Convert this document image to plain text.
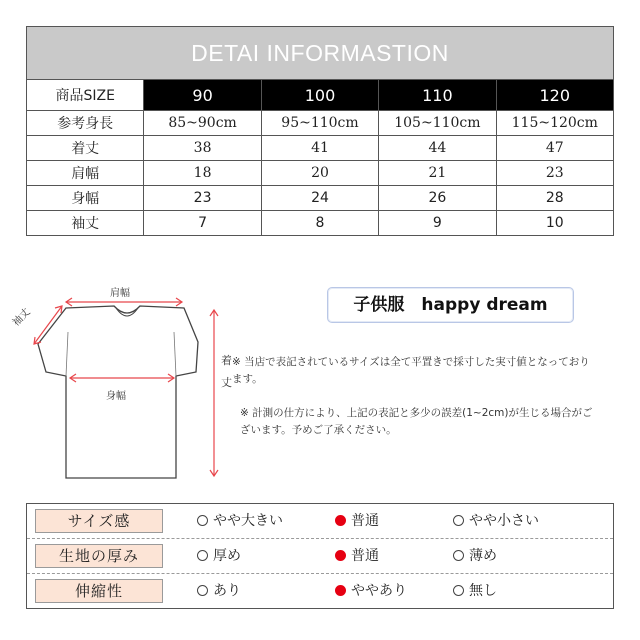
DETAI INFORMASTION				
商品SIZE	90	100	110	120
参考身長	85~90cm	95~110cm	105~110cm	115~120cm
着丈	38	41	44	47
肩幅	18	20	21	23
身幅	23	24	26	28
袖丈	7	8	9	10
肩幅
袖丈
身幅
着丈
子供服　happy dream
※ 当店で表記されているサイズは全て平置きで採寸した実寸値となっております。
※ 計測の仕方により、上記の表記と多少の誤差(1~2cm)が生じる場合がございます。予めご了承ください。
サイズ感	やや大きい	普通	やや小さい
生地の厚み	厚め	普通	薄め
伸縮性	あり	ややあり	無し
